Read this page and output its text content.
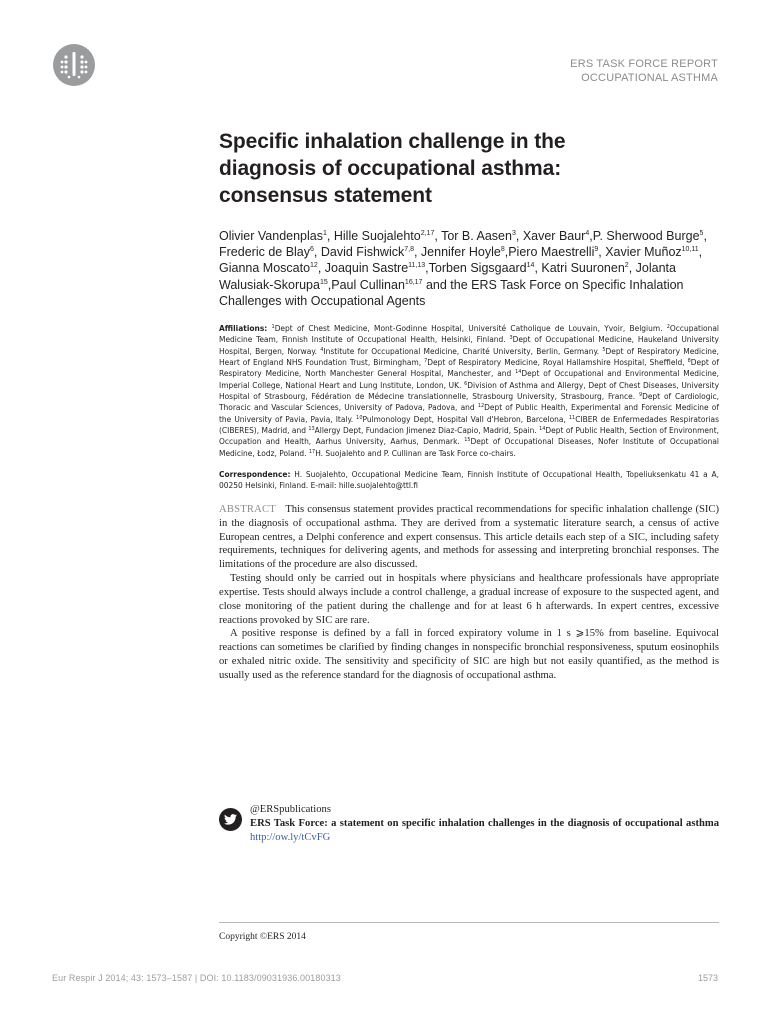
ERS TASK FORCE REPORT
OCCUPATIONAL ASTHMA
Specific inhalation challenge in the
diagnosis of occupational asthma:
consensus statement
Olivier Vandenplas$^1$, Hille Suojalehto$^{2,17}$, Tor B. Aasen$^3$, Xaver Baur$^4$,P. Sherwood Burge$^5$, Frederic de Blay$^6$, David Fishwick$^{7,8}$, Jennifer Hoyle$^8$,Piero Maestrelli$^9$, Xavier Muñoz$^{10,11}$, Gianna Moscato$^{12}$, Joaquin Sastre$^{11,13}$,Torben Sigsgaard$^{14}$, Katri Suuronen$^2$, Jolanta Walusiak-Skorupa$^{15}$,Paul Cullinan$^{16,17}$ and the ERS Task Force on Specific Inhalation Challenges with Occupational Agents
Affiliations: $^1$Dept of Chest Medicine, Mont-Godinne Hospital, Université Catholique de Louvain, Yvoir, Belgium. $^2$Occupational Medicine Team, Finnish Institute of Occupational Health, Helsinki, Finland. $^3$Dept of Occupational Medicine, Haukeland University Hospital, Bergen, Norway. $^4$Institute for Occupational Medicine, Charité University, Berlin, Germany. $^5$Dept of Respiratory Medicine, Heart of England NHS Foundation Trust, Birmingham, $^7$Dept of Respiratory Medicine, Royal Hallamshire Hospital, Sheffield, $^8$Dept of Respiratory Medicine, North Manchester General Hospital, Manchester, and $^{14}$Dept of Occupational and Environmental Medicine, Imperial College, National Heart and Lung Institute, London, UK. $^6$Division of Asthma and Allergy, Dept of Chest Diseases, University Hospital of Strasbourg, Fédération de Médecine translationnelle, Strasbourg University, Strasbourg, France. $^9$Dept of Cardiologic, Thoracic and Vascular Sciences, University of Padova, Padova, and $^{12}$Dept of Public Health, Experimental and Forensic Medicine of the University of Pavia, Pavia, Italy. $^{10}$Pulmonology Dept, Hospital Vall d'Hebron, Barcelona, $^{11}$CIBER de Enfermedades Respiratorias (CIBERES), Madrid, and $^{13}$Allergy Dept, Fundacion Jimenez Diaz-Capio, Madrid, Spain. $^{14}$Dept of Public Health, Section of Environment, Occupation and Health, Aarhus University, Aarhus, Denmark. $^{15}$Dept of Occupational Diseases, Nofer Institute of Occupational Medicine, Łodz, Poland. $^{17}$H. Suojalehto and P. Cullinan are Task Force co-chairs.
Correspondence: H. Suojalehto, Occupational Medicine Team, Finnish Institute of Occupational Health, Topeliuksenkatu 41 a A, 00250 Helsinki, Finland. E-mail: hille.suojalehto@ttl.fi

ABSTRACT This consensus statement provides practical recommendations for specific inhalation challenge (SIC) in the diagnosis of occupational asthma. They are derived from a systematic literature search, a census of active European centres, a Delphi conference and expert consensus. This article details each step of a SIC, including safety requirements, techniques for delivering agents, and methods for assessing and interpreting bronchial responses. The limitations of the procedure are also discussed.

Testing should only be carried out in hospitals where physicians and healthcare professionals have appropriate expertise. Tests should always include a control challenge, a gradual increase of exposure to the suspected agent, and close monitoring of the patient during the challenge and for at least 6 h afterwards. In expert centres, excessive reactions provoked by SIC are rare.

A positive response is defined by a fall in forced expiratory volume in 1 s ⩾15% from baseline. Equivocal reactions can sometimes be clarified by finding changes in nonspecific bronchial responsiveness, sputum eosinophils or exhaled nitric oxide. The sensitivity and specificity of SIC are high but not easily quantified, as the method is usually used as the reference standard for the diagnosis of occupational asthma.

@ERSpublications
ERS Task Force: a statement on specific inhalation challenges in the diagnosis of occupational asthma http://ow.ly/tCvFG
Copyright ©ERS 2014
Eur Respir J 2014; 43: 1573–1587 | DOI: 10.1183/09031936.00180313	1573
